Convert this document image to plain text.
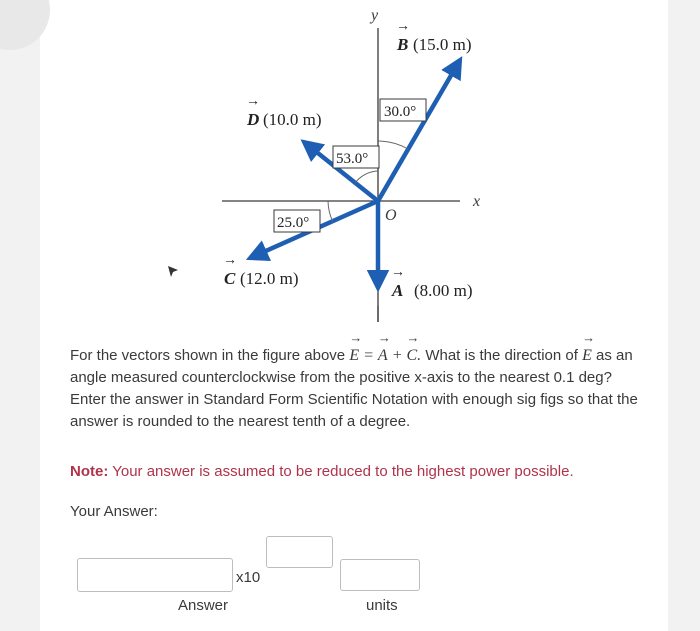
y
x
O
30.0°
53.0°
25.0°
→
B (15.0 m)
→
D (10.0 m)
→
C (12.0 m)	→
A (8.00 m)
For the vectors shown in the figure above → E = → A + → C. What is the direction of → E as an angle measured counterclockwise from the positive x-axis to the nearest 0.1 deg? Enter the answer in Standard Form Scientific Notation with enough sig figs so that the answer is rounded to the nearest tenth of a degree.
Note: Your answer is assumed to be reduced to the highest power possible.
Your Answer:
x10
Answer	units
